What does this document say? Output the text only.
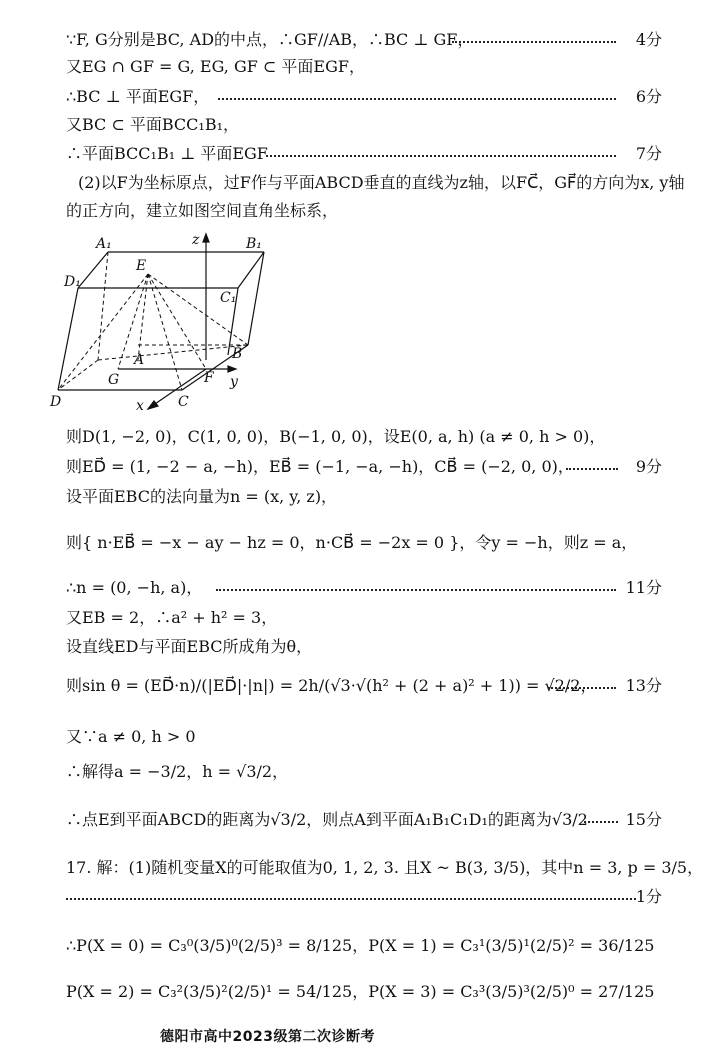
∵F, G分别是BC, AD的中点，∴GF//AB，∴BC ⊥ GF，	4分
又EG ∩ GF = G, EG, GF ⊂ 平面EGF，
∴BC ⊥ 平面EGF，	6分
又BC ⊂ 平面BCC₁B₁，
∴平面BCC₁B₁ ⊥ 平面EGF	7分
(2)以F为坐标原点，过F作与平面ABCD垂直的直线为z轴，以FC⃗，GF⃗的方向为x, y轴
的正方向，建立如图空间直角坐标系，
A₁	B₁
D₁
C₁
E
z
A	B
C
D
F
G
x
y
则D(1, −2, 0)，C(1, 0, 0)，B(−1, 0, 0)，设E(0, a, h) (a ≠ 0, h > 0)，
则ED⃗ = (1, −2 − a, −h)，EB⃗ = (−1, −a, −h)，CB⃗ = (−2, 0, 0)，	9分
设平面EBC的法向量为n = (x, y, z)，
则{ n·EB⃗ = −x − ay − hz = 0，n·CB⃗ = −2x = 0 }，令y = −h，则z = a，
∴n = (0, −h, a)，	11分
又EB = 2，∴a² + h² = 3，
设直线ED与平面EBC所成角为θ，
则sin θ = (ED⃗·n)/(|ED⃗|·|n|) = 2h/(√3·√(h² + (2 + a)² + 1)) = √2/2， 13分
又∵a ≠ 0, h > 0
∴解得a = −3/2，h = √3/2，
∴点E到平面ABCD的距离为√3/2，则点A到平面A₁B₁C₁D₁的距离为√3/2 15分
17. 解：(1)随机变量X的可能取值为0, 1, 2, 3. 且X ~ B(3, 3/5)，其中n = 3, p = 3/5，
1分
∴P(X = 0) = C₃⁰(3/5)⁰(2/5)³ = 8/125，P(X = 1) = C₃¹(3/5)¹(2/5)² = 36/125
P(X = 2) = C₃²(3/5)²(2/5)¹ = 54/125，P(X = 3) = C₃³(3/5)³(2/5)⁰ = 27/125
德阳市高中2023级第二次诊断考
